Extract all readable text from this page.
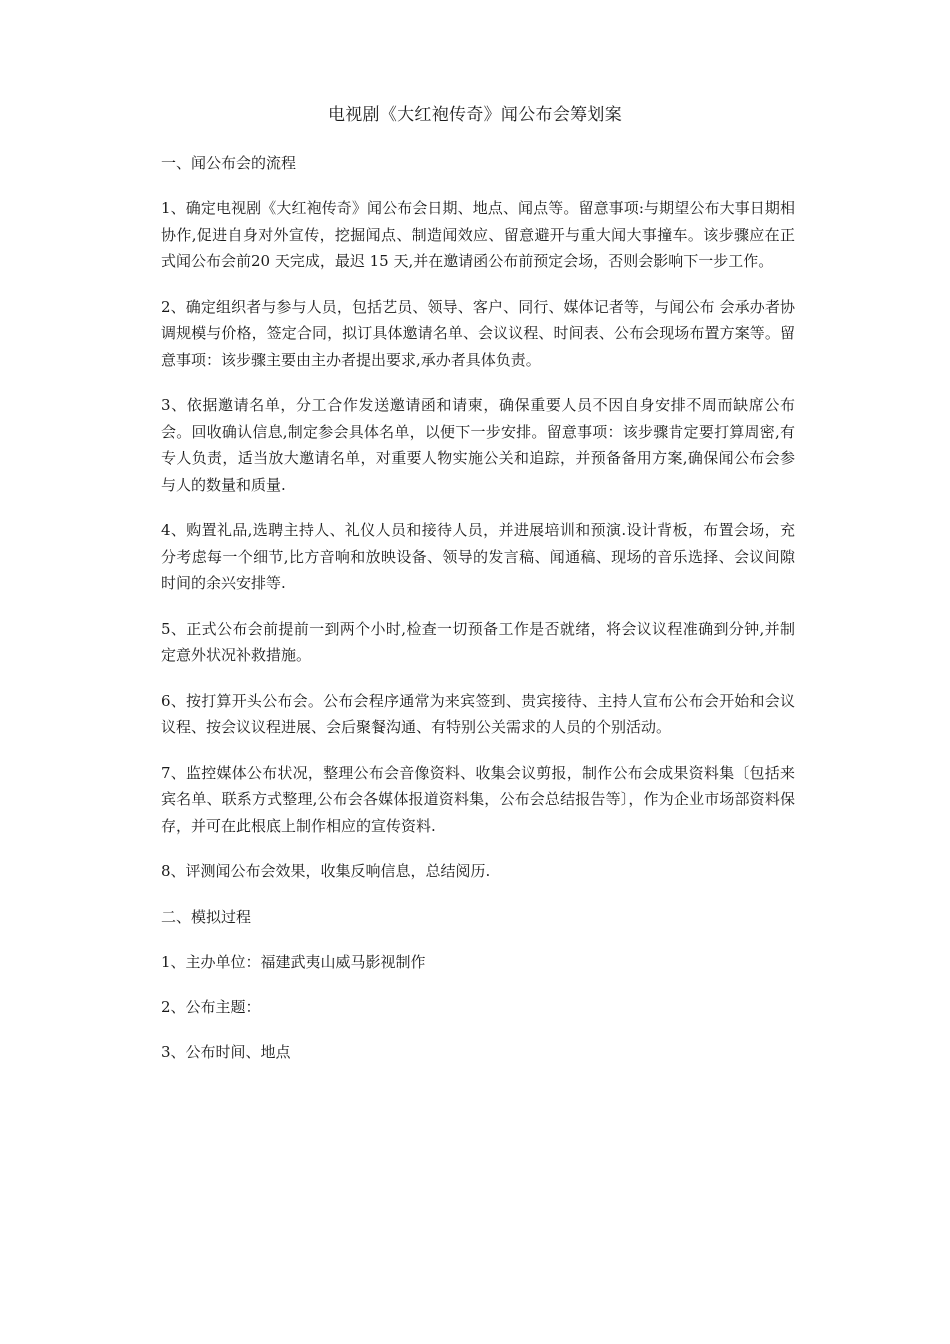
电视剧《大红袍传奇》闻公布会筹划案
一、闻公布会的流程

1、确定电视剧《大红袍传奇》闻公布会日期、地点、闻点等。留意事项:与期望公布大事日期相协作,促进自身对外宣传，挖掘闻点、制造闻效应、留意避开与重大闻大事撞车。该步骤应在正式闻公布会前20 天完成，最迟 15 天,并在邀请函公布前预定会场，否则会影响下一步工作。

2、确定组织者与参与人员，包括艺员、领导、客户、同行、媒体记者等，与闻公布 会承办者协调规模与价格，签定合同，拟订具体邀请名单、会议议程、时间表、公布会现场布置方案等。留意事项：该步骤主要由主办者提出要求,承办者具体负责。

3、依据邀请名单，分工合作发送邀请函和请柬，确保重要人员不因自身安排不周而缺席公布会。回收确认信息,制定参会具体名单，以便下一步安排。留意事项：该步骤肯定要打算周密,有专人负责，适当放大邀请名单，对重要人物实施公关和追踪，并预备备用方案,确保闻公布会参与人的数量和质量.

4、购置礼品,选聘主持人、礼仪人员和接待人员，并进展培训和预演.设计背板，布置会场，充分考虑每一个细节,比方音响和放映设备、领导的发言稿、闻通稿、现场的音乐选择、会议间隙时间的余兴安排等.

5、正式公布会前提前一到两个小时,检查一切预备工作是否就绪，将会议议程准确到分钟,并制定意外状况补救措施。

6、按打算开头公布会。公布会程序通常为来宾签到、贵宾接待、主持人宣布公布会开始和会议议程、按会议议程进展、会后聚餐沟通、有特别公关需求的人员的个别活动。

7、监控媒体公布状况，整理公布会音像资料、收集会议剪报，制作公布会成果资料集〔包括来宾名单、联系方式整理,公布会各媒体报道资料集，公布会总结报告等〕，作为企业市场部资料保存，并可在此根底上制作相应的宣传资料.

8、评测闻公布会效果，收集反响信息，总结阅历.

二、模拟过程
1、主办单位：福建武夷山威马影视制作
2、公布主题：
3、公布时间、地点
